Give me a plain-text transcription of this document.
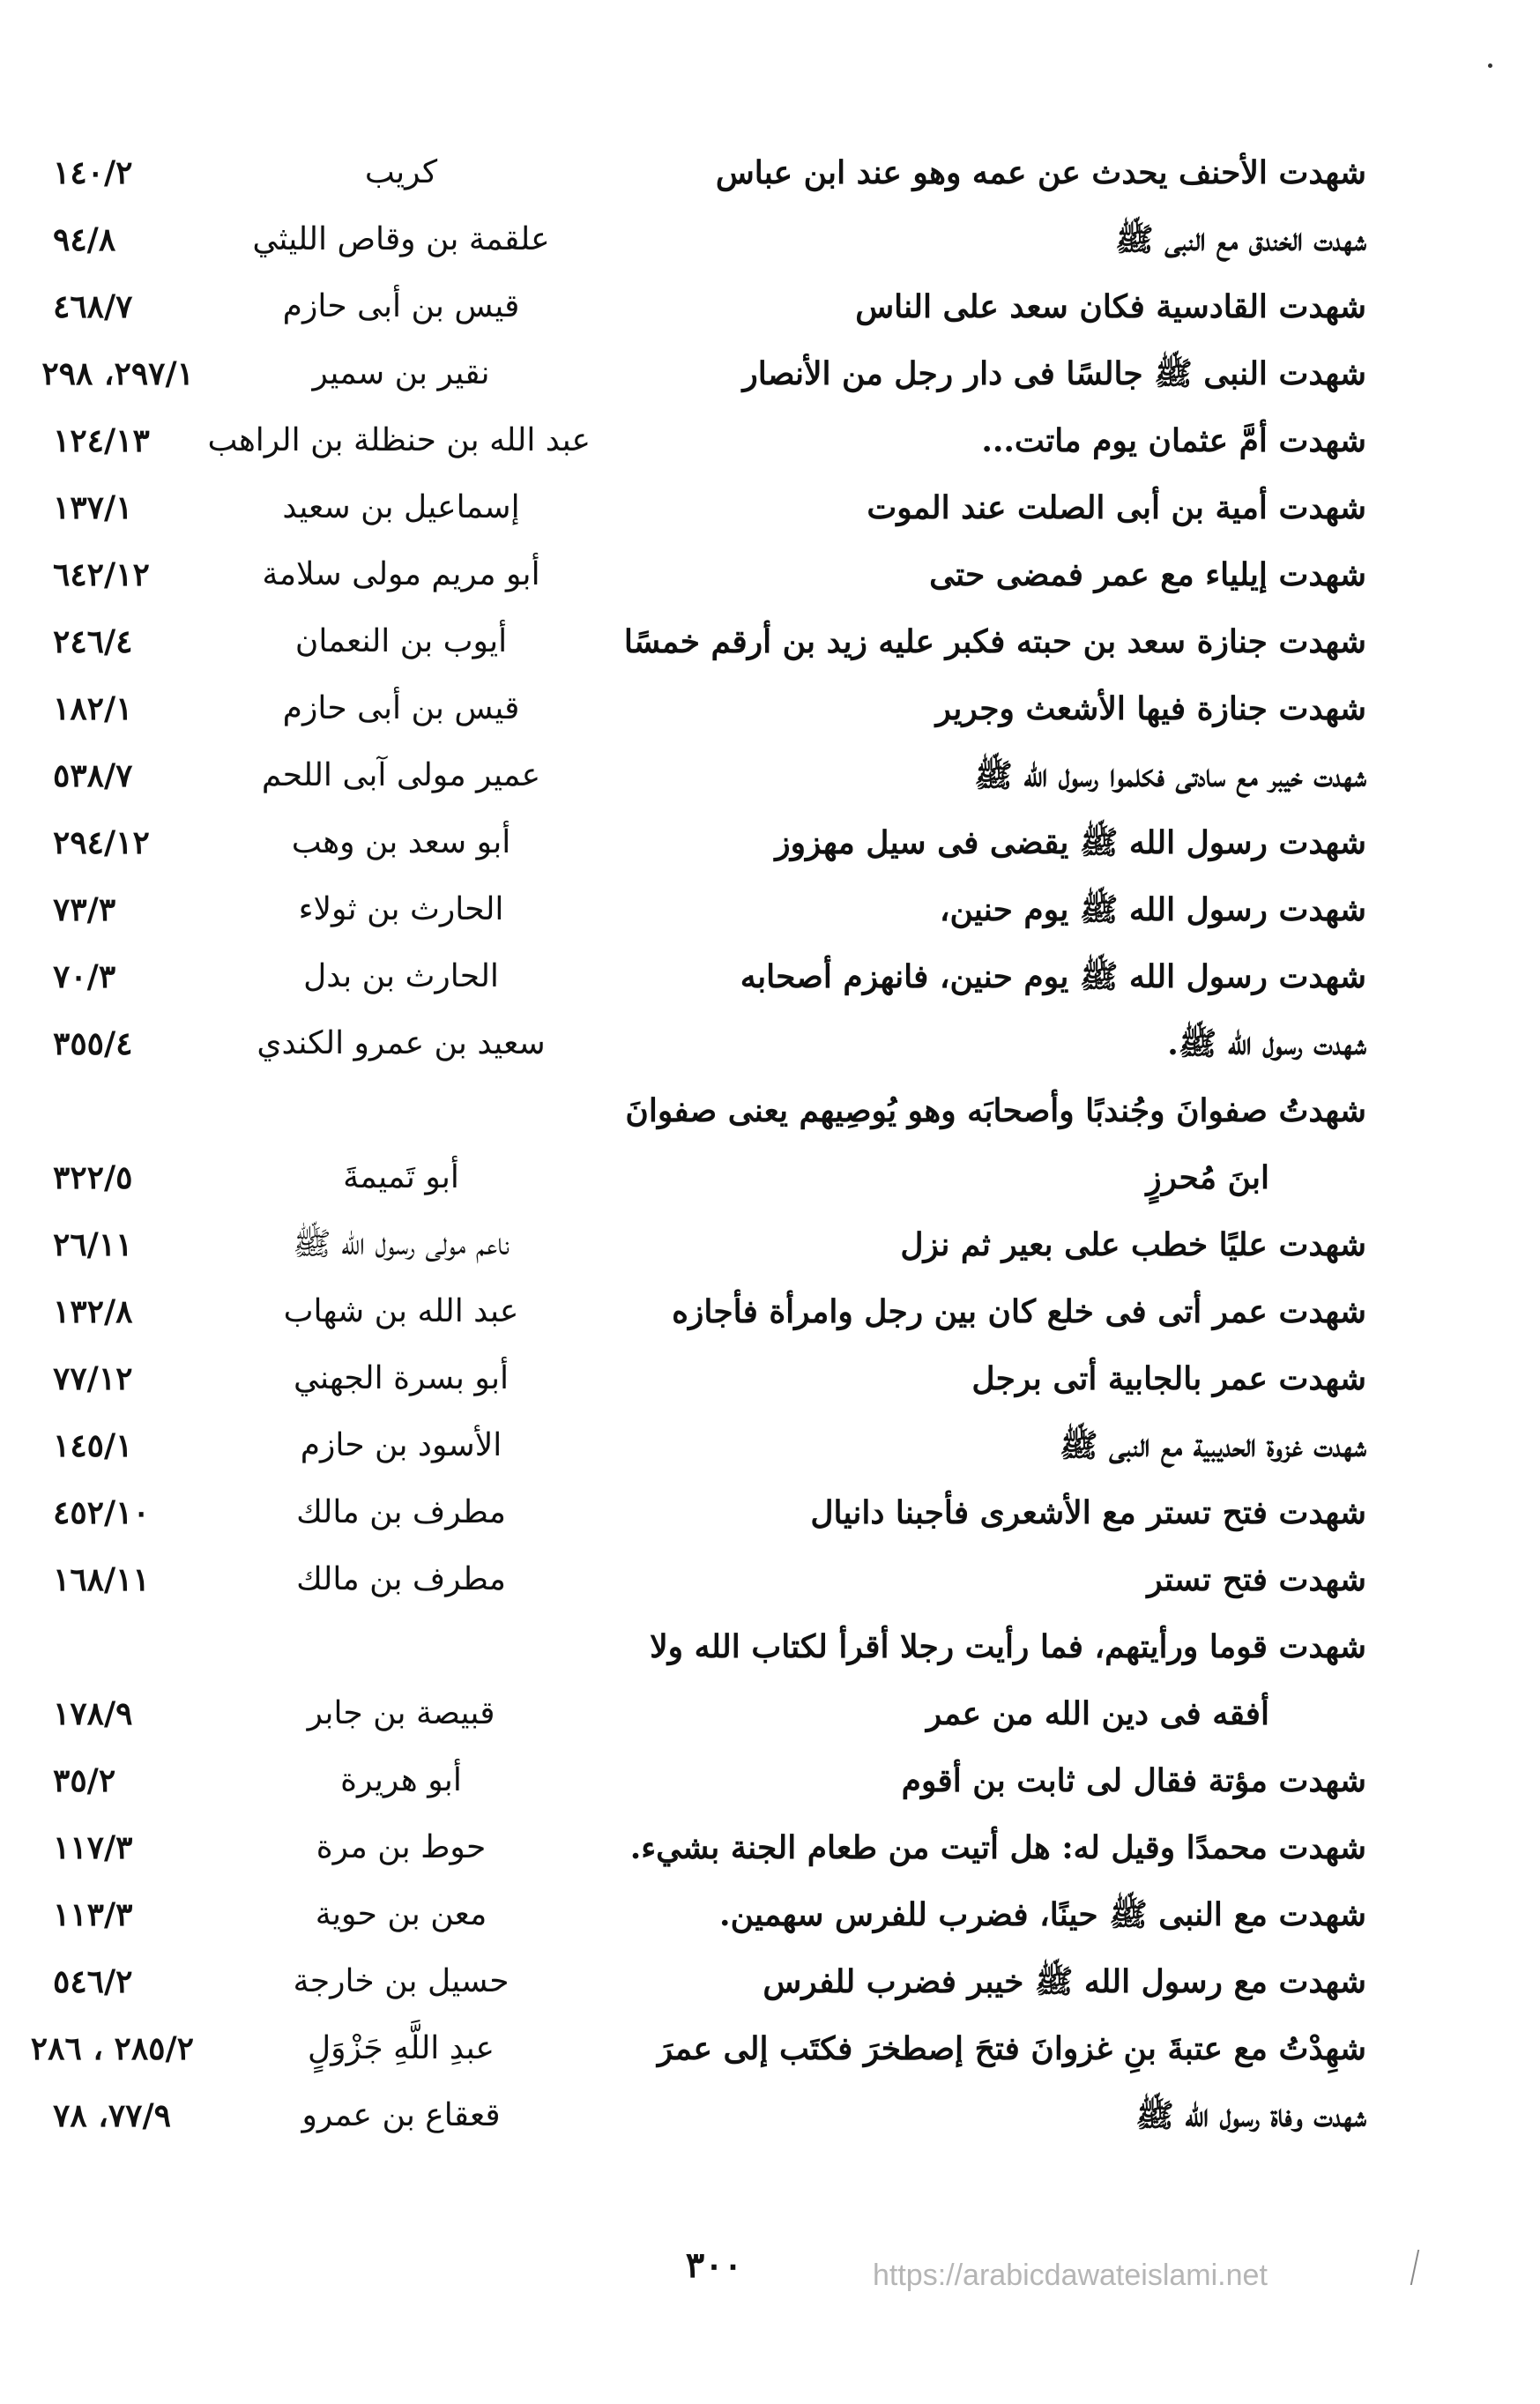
شهدت الأحنف يحدث عن عمه وهو عند ابن عباس
كريب
١٤٠/٢
شهدت الخندق مع النبى ﷺ
علقمة بن وقاص الليثي
٩٤/٨
شهدت القادسية فكان سعد على الناس
قيس بن أبى حازم
٤٦٨/٧
شهدت النبى ﷺ جالسًا فى دار رجل من الأنصار
نقير بن سمير
٢٩٧/١، ٢٩٨
شهدت أمَّ عثمان يوم ماتت...
عبد الله بن حنظلة بن الراهب
١٢٤/١٣
شهدت أمية بن أبى الصلت عند الموت
إسماعيل بن سعيد
١٣٧/١
شهدت إيلياء مع عمر فمضى حتى
أبو مريم مولى سلامة
٦٤٢/١٢
شهدت جنازة سعد بن حبته فكبر عليه زيد بن أرقم خمسًا
أيوب بن النعمان
٢٤٦/٤
شهدت جنازة فيها الأشعث وجرير
قيس بن أبى حازم
١٨٢/١
شهدت خيبر مع سادتى فكلموا رسول الله ﷺ
عمير مولى آبى اللحم
٥٣٨/٧
شهدت رسول الله ﷺ يقضى فى سيل مهزوز
أبو سعد بن وهب
٢٩٤/١٢
شهدت رسول الله ﷺ يوم حنين،
الحارث بن ثولاء
٧٣/٣
شهدت رسول الله ﷺ يوم حنين، فانهزم أصحابه
الحارث بن بدل
٧٠/٣
شهدت رسول الله ﷺ.
سعيد بن عمرو الكندي
٣٥٥/٤
شهدتُ صفوانَ وجُندبًا وأصحابَه وهو يُوصِيهم يعنى صفوانَ
ابنَ مُحرزٍ
أبو تَميمةَ
٣٢٢/٥
شهدت عليًا خطب على بعير ثم نزل
ناعم مولى رسول الله ﷺ
٢٦/١١
شهدت عمر أتى فى خلع كان بين رجل وامرأة فأجازه
عبد الله بن شهاب
١٣٢/٨
شهدت عمر بالجابية أتى برجل
أبو بسرة الجهني
٧٧/١٢
شهدت غزوة الحديبية مع النبى ﷺ
الأسود بن حازم
١٤٥/١
شهدت فتح تستر مع الأشعرى فأجبنا دانيال
مطرف بن مالك
٤٥٢/١٠
شهدت فتح تستر
مطرف بن مالك
١٦٨/١١
شهدت قوما ورأيتهم، فما رأيت رجلا أقرأ لكتاب الله ولا
أفقه فى دين الله من عمر
قبيصة بن جابر
١٧٨/٩
شهدت مؤتة فقال لى ثابت بن أقوم
أبو هريرة
٣٥/٢
شهدت محمدًا وقيل له: هل أتيت من طعام الجنة بشيء.
حوط بن مرة
١١٧/٣
شهدت مع النبى ﷺ حينًا، فضرب للفرس سهمين.
معن بن حوية
١١٣/٣
شهدت مع رسول الله ﷺ خيبر فضرب للفرس
حسيل بن خارجة
٥٤٦/٢
شهِدْتُ مع عتبةَ بنِ غزوانَ فتحَ إصطخرَ فكتَب إلى عمرَ
عبدِ اللَّهِ جَزْوَلٍ
٢٨٥/٢ ، ٢٨٦
شهدت وفاة رسول الله ﷺ
قعقاع بن عمرو
٧٧/٩، ٧٨
٣٠٠	https://arabicdawateislami.net
